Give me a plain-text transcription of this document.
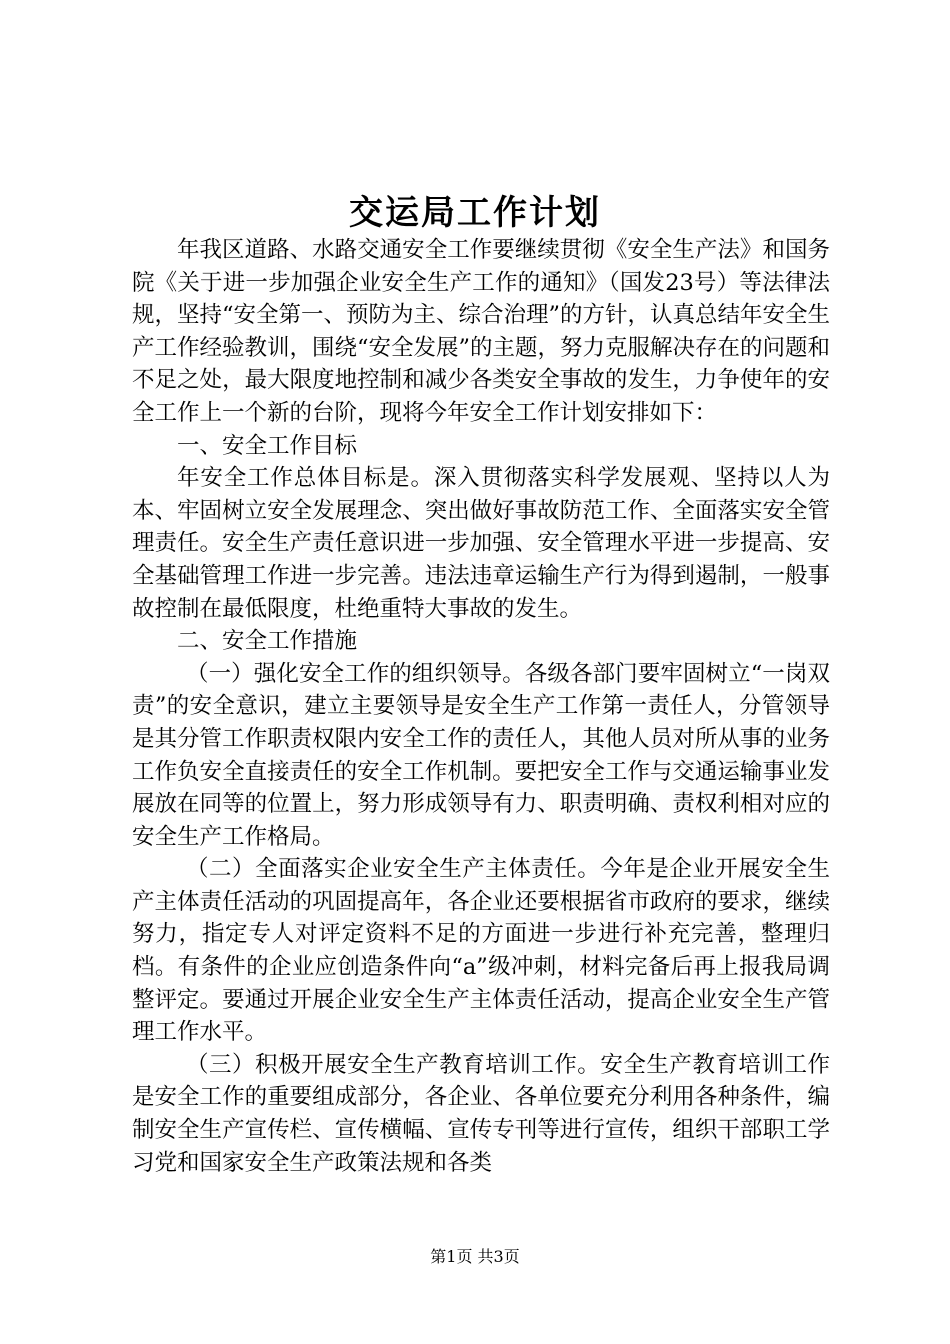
交运局工作计划

年我区道路、水路交通安全工作要继续贯彻《安全生产法》和国务院《关于进一步加强企业安全生产工作的通知》（国发23号）等法律法规，坚持“安全第一、预防为主、综合治理”的方针，认真总结年安全生产工作经验教训，围绕“安全发展”的主题，努力克服解决存在的问题和不足之处，最大限度地控制和减少各类安全事故的发生，力争使年的安全工作上一个新的台阶，现将今年安全工作计划安排如下：

一、安全工作目标

年安全工作总体目标是。深入贯彻落实科学发展观、坚持以人为本、牢固树立安全发展理念、突出做好事故防范工作、全面落实安全管理责任。安全生产责任意识进一步加强、安全管理水平进一步提高、安全基础管理工作进一步完善。违法违章运输生产行为得到遏制，一般事故控制在最低限度，杜绝重特大事故的发生。

二、安全工作措施

（一）强化安全工作的组织领导。各级各部门要牢固树立“一岗双责”的安全意识，建立主要领导是安全生产工作第一责任人，分管领导是其分管工作职责权限内安全工作的责任人，其他人员对所从事的业务工作负安全直接责任的安全工作机制。要把安全工作与交通运输事业发展放在同等的位置上，努力形成领导有力、职责明确、责权利相对应的安全生产工作格局。

（二）全面落实企业安全生产主体责任。今年是企业开展安全生产主体责任活动的巩固提高年，各企业还要根据省市政府的要求，继续努力，指定专人对评定资料不足的方面进一步进行补充完善，整理归档。有条件的企业应创造条件向“a”级冲刺，材料完备后再上报我局调整评定。要通过开展企业安全生产主体责任活动，提高企业安全生产管理工作水平。

（三）积极开展安全生产教育培训工作。安全生产教育培训工作是安全工作的重要组成部分，各企业、各单位要充分利用各种条件，编制安全生产宣传栏、宣传横幅、宣传专刊等进行宣传，组织干部职工学习党和国家安全生产政策法规和各类

第1页 共3页
